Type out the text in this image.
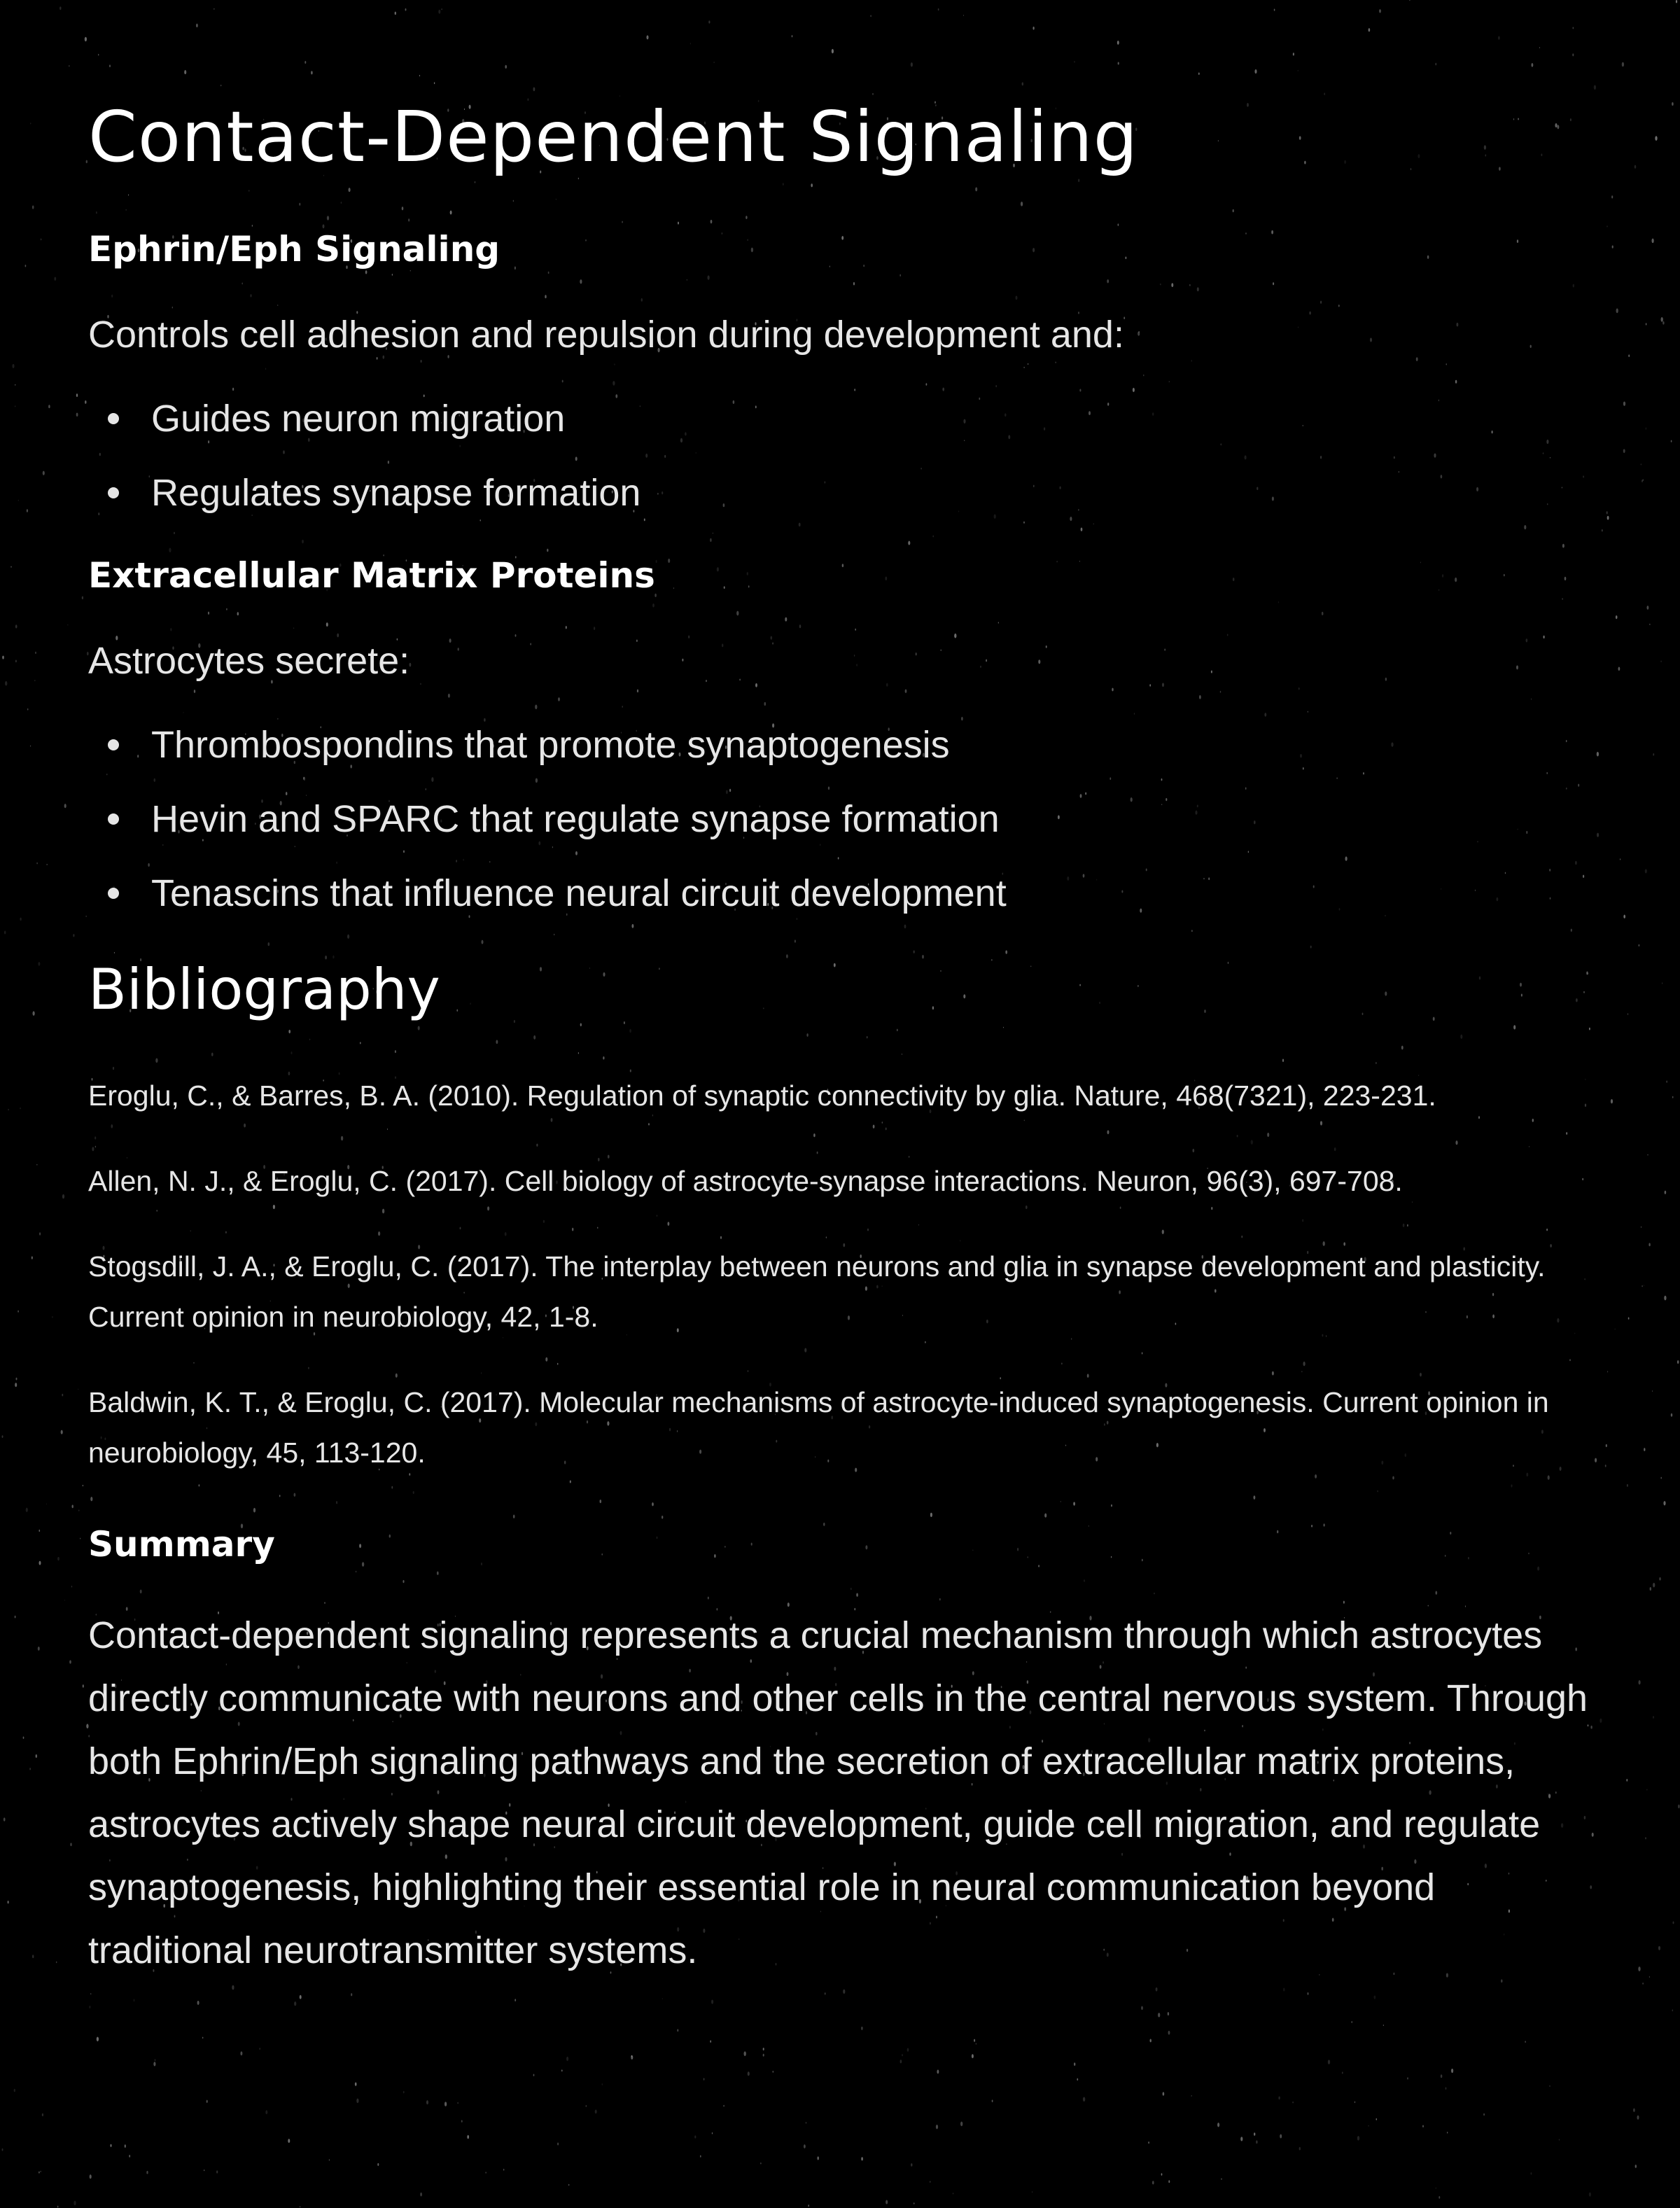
Contact-Dependent Signaling
Ephrin/Eph Signaling

Controls cell adhesion and repulsion during development and:

Guides neuron migration
Regulates synapse formation
Extracellular Matrix Proteins

Astrocytes secrete:

Thrombospondins that promote synaptogenesis
Hevin and SPARC that regulate synapse formation
Tenascins that influence neural circuit development
Bibliography

Eroglu, C., & Barres, B. A. (2010). Regulation of synaptic connectivity by glia. Nature, 468(7321), 223-231.

Allen, N. J., & Eroglu, C. (2017). Cell biology of astrocyte-synapse interactions. Neuron, 96(3), 697-708.

Stogsdill, J. A., & Eroglu, C. (2017). The interplay between neurons and glia in synapse development and plasticity. Current opinion in neurobiology, 42, 1-8.

Baldwin, K. T., & Eroglu, C. (2017). Molecular mechanisms of astrocyte-induced synaptogenesis. Current opinion in neurobiology, 45, 113-120.

Summary

Contact-dependent signaling represents a crucial mechanism through which astrocytes directly communicate with neurons and other cells in the central nervous system. Through both Ephrin/Eph signaling pathways and the secretion of extracellular matrix proteins, astrocytes actively shape neural circuit development, guide cell migration, and regulate synaptogenesis, highlighting their essential role in neural communication beyond traditional neurotransmitter systems.
